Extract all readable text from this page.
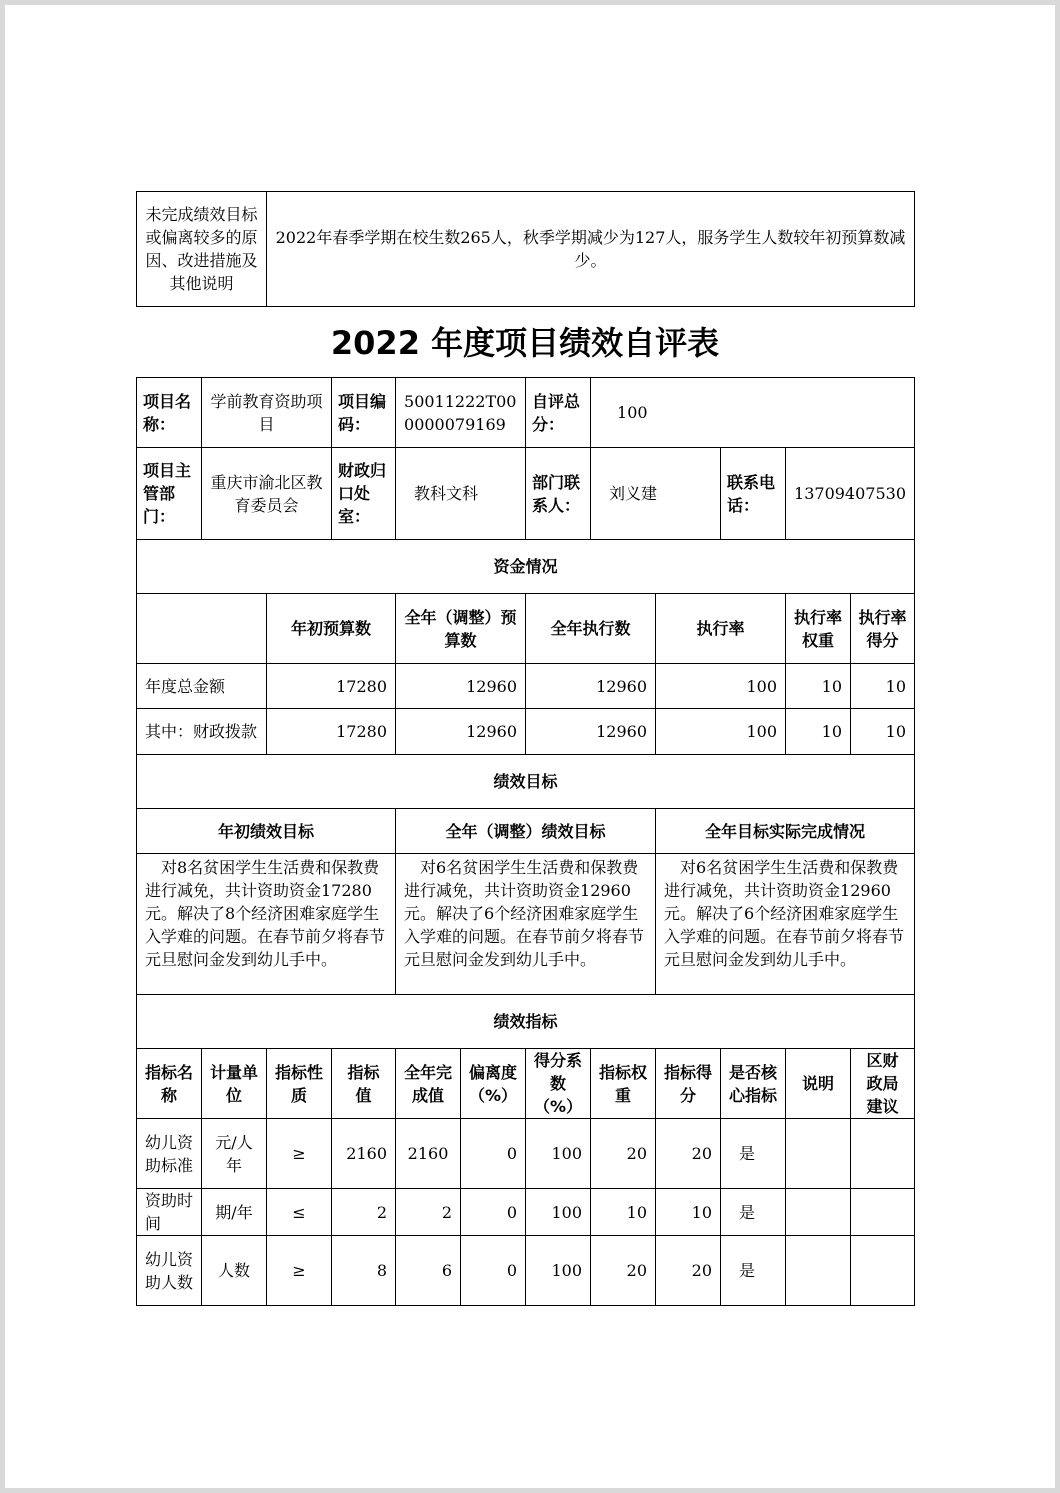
未完成绩效目标或偏离较多的原因、改进措施及其他说明	2022年春季学期在校生数265人，秋季学期减少为127人，服务学生人数较年初预算数减少。
2022 年度项目绩效自评表
项目名称：	学前教育资助项目		项目编码：	50011222T000000079169		自评总分：	100				
项目主管部门：	重庆市渝北区教育委员会		财政归口处室：	教科文科		部门联系人：	刘义建		联系电话：	13709407530	
资金情况											
		年初预算数		全年（调整）预算数		全年执行数		执行率		执行率权重	执行率得分
年度总金额		17280		12960		12960		100		10	10
其中：财政拨款		17280		12960		12960		100		10	10
绩效目标											
年初绩效目标				全年（调整）绩效目标				全年目标实际完成情况			
对8名贫困学生生活费和保教费进行减免，共计资助资金17280元。解决了8个经济困难家庭学生入学难的问题。在春节前夕将春节元旦慰问金发到幼儿手中。				对6名贫困学生生活费和保教费进行减免，共计资助资金12960元。解决了6个经济困难家庭学生入学难的问题。在春节前夕将春节元旦慰问金发到幼儿手中。				对6名贫困学生生活费和保教费进行减免，共计资助资金12960元。解决了6个经济困难家庭学生入学难的问题。在春节前夕将春节元旦慰问金发到幼儿手中。			
绩效指标											
指标名称	计量单位	指标性质	指标值	全年完成值	偏离度（%）	得分系数（%）	指标权重	指标得分	是否核心指标	说明	区财政局建议
幼儿资助标准	元/人年	≥	2160	2160	0	100	20	20	是		
资助时间	期/年	≤	2	2	0	100	10	10	是		
幼儿资助人数	人数	≥	8	6	0	100	20	20	是		
